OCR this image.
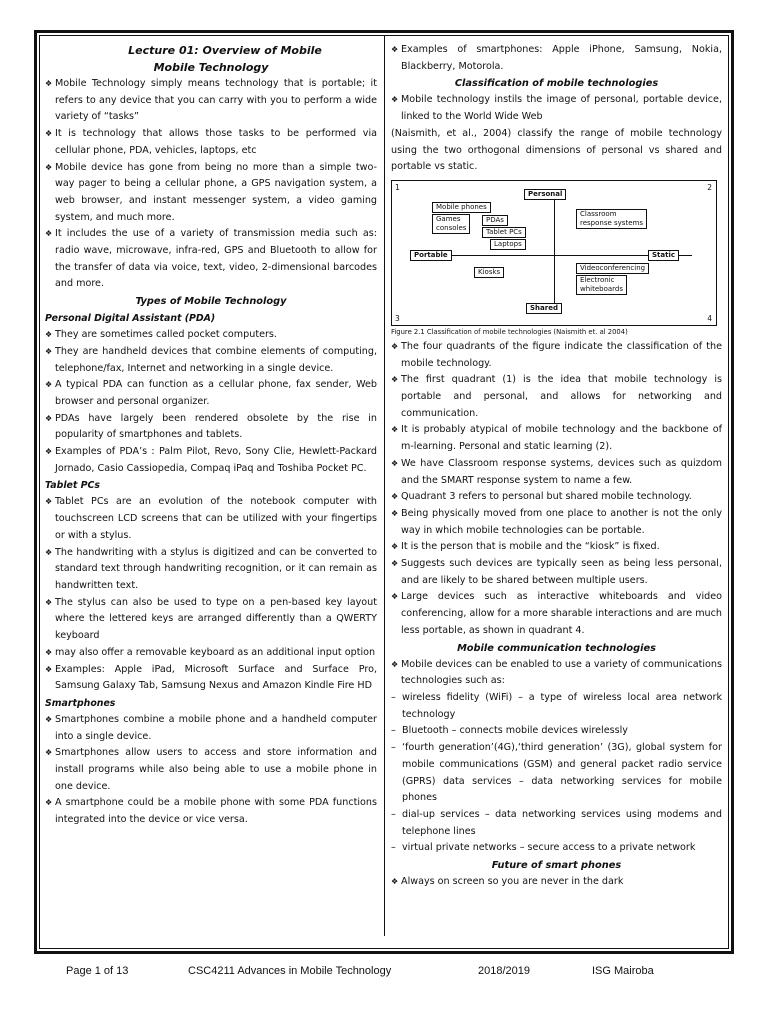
Lecture 01: Overview of Mobile

Mobile Technology

❖ Mobile Technology simply means technology that is portable; it refers to any device that you can carry with you to perform a wide variety of “tasks”

❖ It is technology that allows those tasks to be performed via cellular phone, PDA, vehicles, laptops, etc

❖ Mobile device has gone from being no more than a simple two-way pager to being a cellular phone, a GPS navigation system, a web browser, and instant messenger system, a video gaming system, and much more.

❖ It includes the use of a variety of transmission media such as: radio wave, microwave, infra-red, GPS and Bluetooth to allow for the transfer of data via voice, text, video, 2-dimensional barcodes and more.

Types of Mobile Technology

Personal Digital Assistant (PDA)

❖ They are sometimes called pocket computers.

❖ They are handheld devices that combine elements of computing, telephone/fax, Internet and networking in a single device.

❖ A typical PDA can function as a cellular phone, fax sender, Web browser and personal organizer.

❖ PDAs have largely been rendered obsolete by the rise in popularity of smartphones and tablets.

❖ Examples of PDA’s : Palm Pilot, Revo, Sony Clie, Hewlett-Packard Jornado, Casio Cassiopedia, Compaq iPaq and Toshiba Pocket PC.

Tablet PCs

❖ Tablet PCs are an evolution of the notebook computer with touchscreen LCD screens that can be utilized with your fingertips or with a stylus.

❖ The handwriting with a stylus is digitized and can be converted to standard text through handwriting recognition, or it can remain as handwritten text.

❖ The stylus can also be used to type on a pen-based key layout where the lettered keys are arranged differently than a QWERTY keyboard

❖ may also offer a removable keyboard as an additional input option

❖ Examples: Apple iPad, Microsoft Surface and Surface Pro, Samsung Galaxy Tab, Samsung Nexus and Amazon Kindle Fire HD

Smartphones

❖ Smartphones combine a mobile phone and a handheld computer into a single device.

❖ Smartphones allow users to access and store information and install programs while also being able to use a mobile phone in one device.

❖ A smartphone could be a mobile phone with some PDA functions integrated into the device or vice versa.

❖ Examples of smartphones: Apple iPhone, Samsung, Nokia, Blackberry, Motorola.

Classification of mobile technologies

❖ Mobile technology instils the image of personal, portable device, linked to the World Wide Web

(Naismith, et al., 2004) classify the range of mobile technology using the two orthogonal dimensions of personal vs shared and portable vs static.

1	2
3	4
Personal
Shared
Portable	Static
Mobile phones
Games
consoles
PDAs
Tablet PCs
Laptops
Classroom
response systems
Kiosks	Videoconferencing
Electronic
whiteboards

Figure 2.1 Classification of mobile technologies (Naismith et. al 2004)

❖ The four quadrants of the figure indicate the classification of the mobile technology.

❖ The first quadrant (1) is the idea that mobile technology is portable and personal, and allows for networking and communication.

❖ It is probably atypical of mobile technology and the backbone of m-learning. Personal and static learning (2).

❖ We have Classroom response systems, devices such as quizdom and the SMART response system to name a few.

❖ Quadrant 3 refers to personal but shared mobile technology.

❖ Being physically moved from one place to another is not the only way in which mobile technologies can be portable.

❖ It is the person that is mobile and the “kiosk” is fixed.

❖ Suggests such devices are typically seen as being less personal, and are likely to be shared between multiple users.

❖ Large devices such as interactive whiteboards and video conferencing, allow for a more sharable interactions and are much less portable, as shown in quadrant 4.

Mobile communication technologies

❖ Mobile devices can be enabled to use a variety of communications technologies such as:

– wireless fidelity (WiFi) – a type of wireless local area network technology

– Bluetooth – connects mobile devices wirelessly

– ‘fourth generation’(4G),‘third generation’ (3G), global system for mobile communications (GSM) and general packet radio service (GPRS) data services – data networking services for mobile phones

– dial-up services – data networking services using modems and telephone lines

– virtual private networks – secure access to a private network

Future of smart phones

❖ Always on screen so you are never in the dark

Page 1 of 13	CSC4211 Advances in Mobile Technology	2018/2019	ISG Mairoba
